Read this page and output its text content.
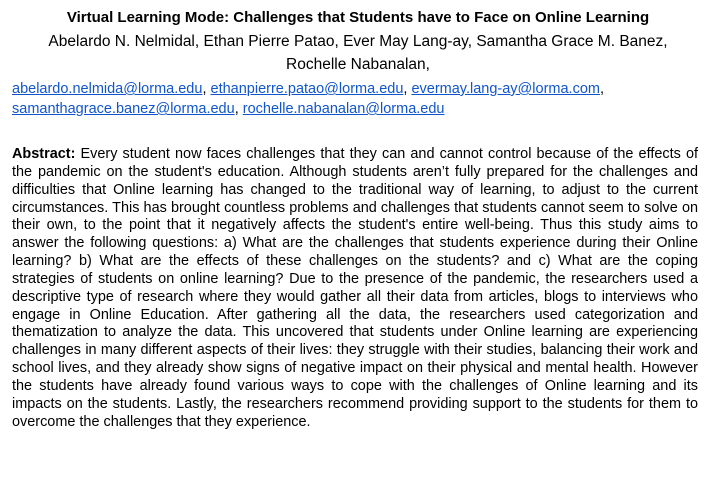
Virtual Learning Mode: Challenges that Students have to Face on Online Learning
Abelardo N. Nelmidal, Ethan Pierre Patao, Ever May Lang-ay, Samantha Grace M. Banez,
Rochelle Nabanalan,
abelardo.nelmida@lorma.edu, ethanpierre.patao@lorma.edu, evermay.lang-ay@lorma.com,
samanthagrace.banez@lorma.edu, rochelle.nabanalan@lorma.edu

Abstract: Every student now faces challenges that they can and cannot control because of the effects of the pandemic on the student's education. Although students aren’t fully prepared for the challenges and difficulties that Online learning has changed to the traditional way of learning, to adjust to the current circumstances. This has brought countless problems and challenges that students cannot seem to solve on their own, to the point that it negatively affects the student's entire well-being. Thus this study aims to answer the following questions: a) What are the challenges that students experience during their Online learning? b) What are the effects of these challenges on the students? and c) What are the coping strategies of students on online learning? Due to the presence of the pandemic, the researchers used a descriptive type of research where they would gather all their data from articles, blogs to interviews who engage in Online Education. After gathering all the data, the researchers used categorization and thematization to analyze the data. This uncovered that students under Online learning are experiencing challenges in many different aspects of their lives: they struggle with their studies, balancing their work and school lives, and they already show signs of negative impact on their physical and mental health. However the students have already found various ways to cope with the challenges of Online learning and its impacts on the students. Lastly, the researchers recommend providing support to the students for them to overcome the challenges that they experience.
